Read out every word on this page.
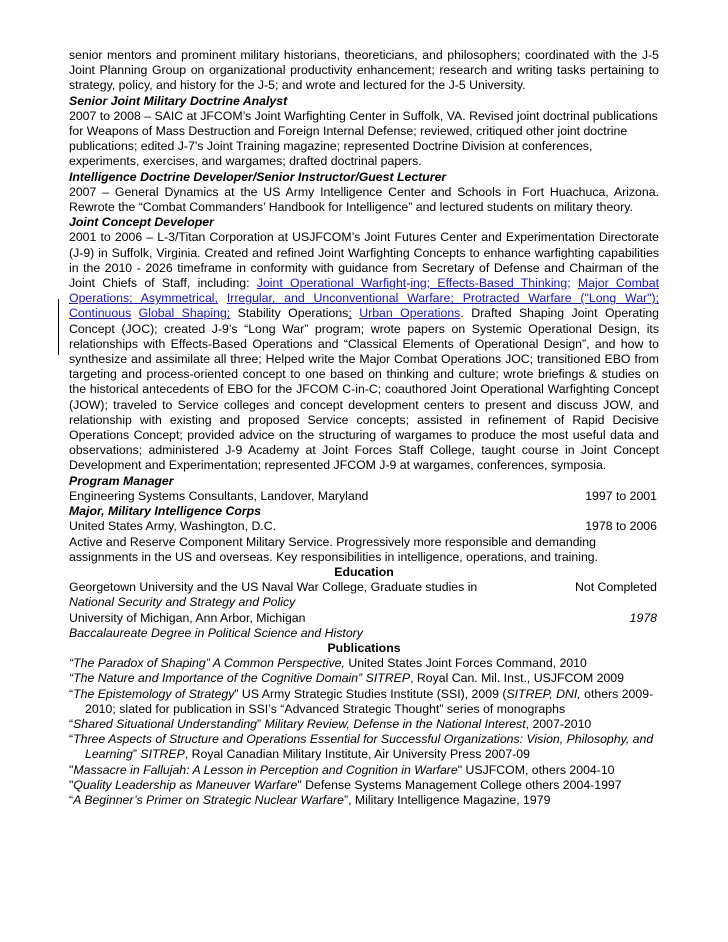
senior mentors and prominent military historians, theoreticians, and philosophers; coordinated with the J-5 Joint Planning Group on organizational productivity enhancement; research and writing tasks pertaining to strategy, policy, and history for the J-5; and wrote and lectured for the J-5 University.

Senior Joint Military Doctrine Analyst

2007 to 2008 – SAIC at JFCOM’s Joint Warfighting Center in Suffolk, VA. Revised joint doctrinal publications for Weapons of Mass Destruction and Foreign Internal Defense; reviewed, critiqued other joint doctrine publications; edited J-7’s Joint Training magazine; represented Doctrine Division at conferences, experiments, exercises, and wargames; drafted doctrinal papers.

Intelligence Doctrine Developer/Senior Instructor/Guest Lecturer

2007 – General Dynamics at the US Army Intelligence Center and Schools in Fort Huachuca, Arizona. Rewrote the “Combat Commanders’ Handbook for Intelligence” and lectured students on military theory.

Joint Concept Developer

2001 to 2006 – L-3/Titan Corporation at USJFCOM’s Joint Futures Center and Experimentation Directorate (J-9) in Suffolk, Virginia. Created and refined Joint Warfighting Concepts to enhance warfighting capabilities in the 2010 - 2026 timeframe in conformity with guidance from Secretary of Defense and Chairman of the Joint Chiefs of Staff, including: Joint Operational Warfight-ing; Effects-Based Thinking; Major Combat Operations; Asymmetrical, Irregular, and Unconventional Warfare; Protracted Warfare ("Long War"); Continuous Global Shaping; Stability Operations; Urban Operations. Drafted Shaping Joint Operating Concept (JOC); created J-9’s “Long War” program; wrote papers on Systemic Operational Design, its relationships with Effects-Based Operations and “Classical Elements of Operational Design”, and how to synthesize and assimilate all three; Helped write the Major Combat Operations JOC; transitioned EBO from targeting and process-oriented concept to one based on thinking and culture; wrote briefings & studies on the historical antecedents of EBO for the JFCOM C-in-C; coauthored Joint Operational Warfighting Concept (JOW); traveled to Service colleges and concept development centers to present and discuss JOW, and relationship with existing and proposed Service concepts; assisted in refinement of Rapid Decisive Operations Concept; provided advice on the structuring of wargames to produce the most useful data and observations; administered J-9 Academy at Joint Forces Staff College, taught course in Joint Concept Development and Experimentation; represented JFCOM J-9 at wargames, conferences, symposia.

Program Manager

Engineering Systems Consultants, Landover, Maryland	1997 to 2001

Major, Military Intelligence Corps

United States Army, Washington, D.C.	1978 to 2006

Active and Reserve Component Military Service. Progressively more responsible and demanding assignments in the US and overseas. Key responsibilities in intelligence, operations, and training.

Education

Georgetown University and the US Naval War College, Graduate studies in	Not Completed

National Security and Strategy and Policy

University of Michigan, Ann Arbor, Michigan	1978

Baccalaureate Degree in Political Science and History

Publications

“The Paradox of Shaping” A Common Perspective, United States Joint Forces Command, 2010

“The Nature and Importance of the Cognitive Domain” SITREP, Royal Can. Mil. Inst., USJFCOM 2009

“The Epistemology of Strategy” US Army Strategic Studies Institute (SSI), 2009 (SITREP, DNI, others 2009-2010; slated for publication in SSI’s “Advanced Strategic Thought” series of monographs

“Shared Situational Understanding” Military Review, Defense in the National Interest, 2007-2010

“Three Aspects of Structure and Operations Essential for Successful Organizations: Vision, Philosophy, and Learning” SITREP, Royal Canadian Military Institute, Air University Press 2007-09

"Massacre in Fallujah: A Lesson in Perception and Cognition in Warfare" USJFCOM, others 2004-10

"Quality Leadership as Maneuver Warfare" Defense Systems Management College others 2004-1997

“A Beginner’s Primer on Strategic Nuclear Warfare”, Military Intelligence Magazine, 1979
